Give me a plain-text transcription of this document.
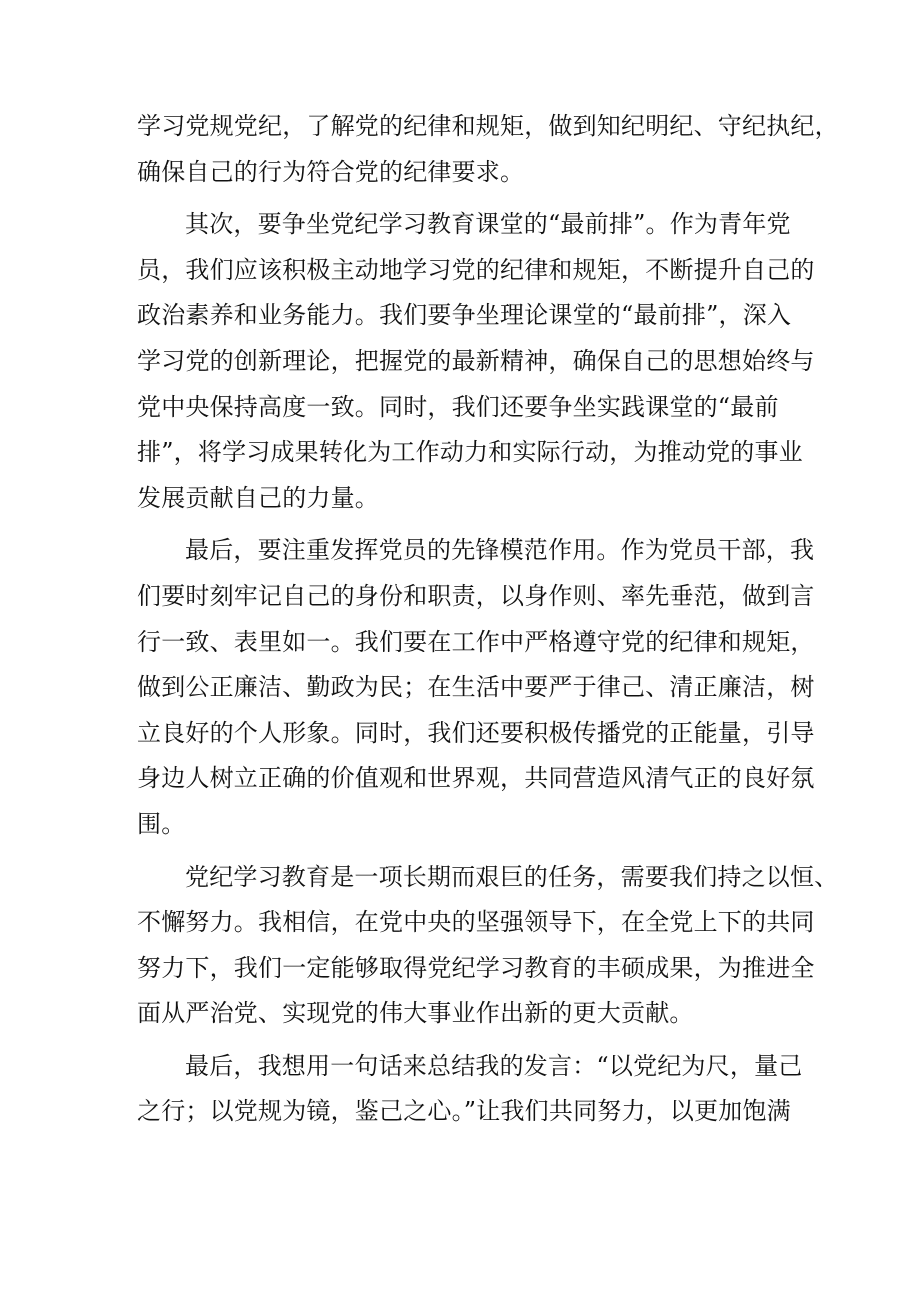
学习党规党纪，了解党的纪律和规矩，做到知纪明纪、守纪执纪，
确保自己的行为符合党的纪律要求。
其次，要争坐党纪学习教育课堂的“最前排”。作为青年党
员，我们应该积极主动地学习党的纪律和规矩，不断提升自己的
政治素养和业务能力。我们要争坐理论课堂的“最前排”，深入
学习党的创新理论，把握党的最新精神，确保自己的思想始终与
党中央保持高度一致。同时，我们还要争坐实践课堂的“最前
排”，将学习成果转化为工作动力和实际行动，为推动党的事业
发展贡献自己的力量。
最后，要注重发挥党员的先锋模范作用。作为党员干部，我
们要时刻牢记自己的身份和职责，以身作则、率先垂范，做到言
行一致、表里如一。我们要在工作中严格遵守党的纪律和规矩，
做到公正廉洁、勤政为民；在生活中要严于律己、清正廉洁，树
立良好的个人形象。同时，我们还要积极传播党的正能量，引导
身边人树立正确的价值观和世界观，共同营造风清气正的良好氛
围。
党纪学习教育是一项长期而艰巨的任务，需要我们持之以恒、
不懈努力。我相信，在党中央的坚强领导下，在全党上下的共同
努力下，我们一定能够取得党纪学习教育的丰硕成果，为推进全
面从严治党、实现党的伟大事业作出新的更大贡献。
最后，我想用一句话来总结我的发言：“以党纪为尺，量己
之行；以党规为镜，鉴己之心。”让我们共同努力，以更加饱满
